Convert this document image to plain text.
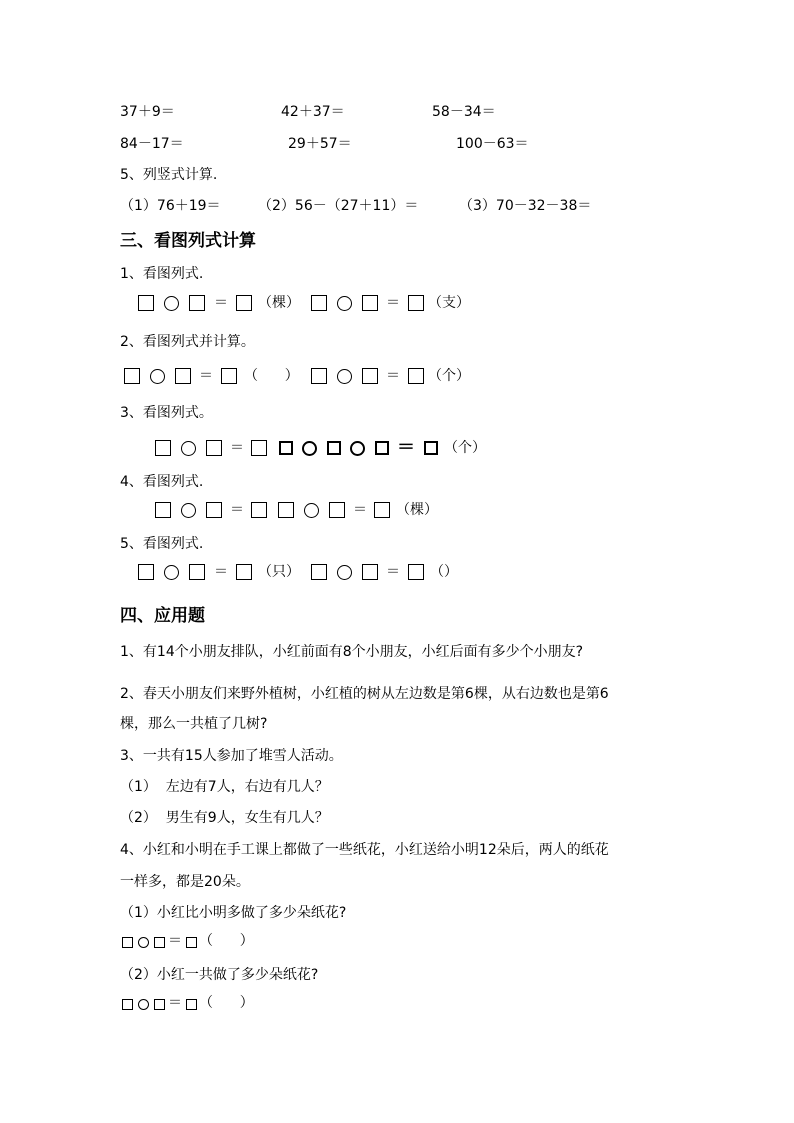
37＋9＝	42＋37＝	58－34＝
84－17＝	29＋57＝	100－63＝
5、列竖式计算.
（1）76＋19＝	（2）56－（27＋11）＝	（3）70－32－38＝
三、看图列式计算
1、看图列式.
＝ （棵）	＝ （支）
2、看图列式并计算。
＝ （      ）	＝ （个）
3、看图列式。
＝	＝ （个）
4、看图列式.
＝	＝ （棵）
5、看图列式.
＝ （只）	＝ （）
四、应用题
1、有14个小朋友排队，小红前面有8个小朋友，小红后面有多少个小朋友?
2、春天小朋友们来野外植树，小红植的树从左边数是第6棵，从右边数也是第6
棵，那么一共植了几树?
3、一共有15人参加了堆雪人活动。
（1）  左边有7人，右边有几人？
（2）  男生有9人，女生有几人？
4、小红和小明在手工课上都做了一些纸花，小红送给小明12朵后，两人的纸花
一样多，都是20朵。
（1）小红比小明多做了多少朵纸花?
＝ （      ）
（2）小红一共做了多少朵纸花?
＝ （      ）
